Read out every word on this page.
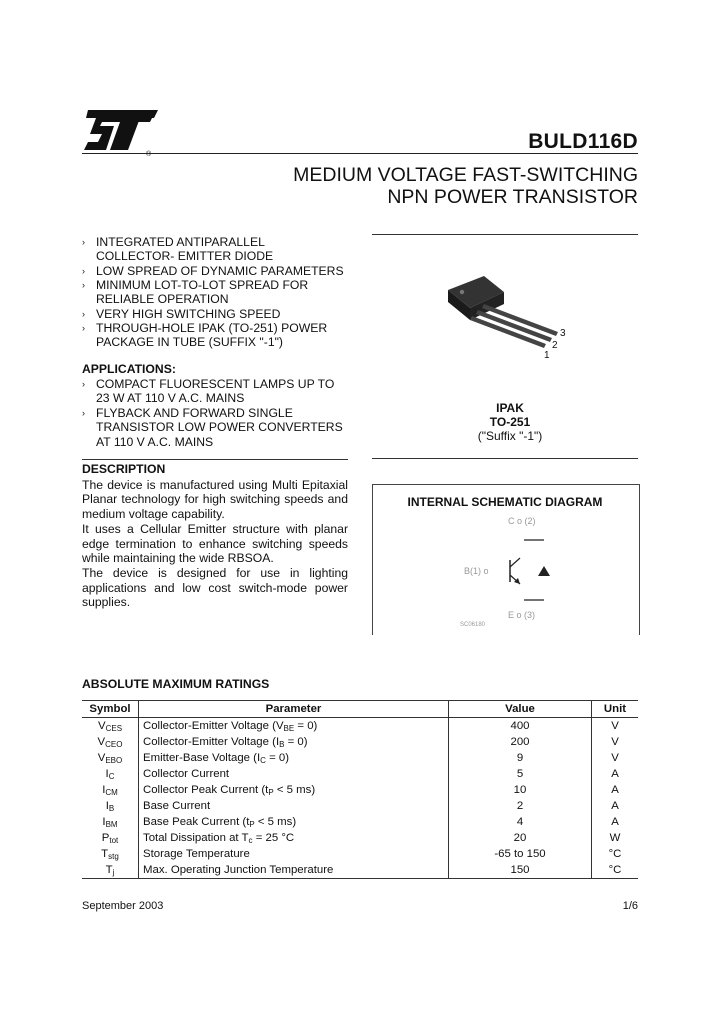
®
BULD116D
MEDIUM VOLTAGE FAST-SWITCHING
NPN POWER TRANSISTOR
› INTEGRATED ANTIPARALLEL
COLLECTOR- EMITTER DIODE
› LOW SPREAD OF DYNAMIC PARAMETERS
› MINIMUM LOT-TO-LOT SPREAD FOR
RELIABLE OPERATION
› VERY HIGH SWITCHING SPEED
› THROUGH-HOLE IPAK (TO-251) POWER
PACKAGE IN TUBE (SUFFIX "-1")
APPLICATIONS:
› COMPACT FLUORESCENT LAMPS UP TO
23 W AT 110 V A.C. MAINS
› FLYBACK AND FORWARD SINGLE
TRANSISTOR LOW POWER CONVERTERS
AT 110 V A.C. MAINS
DESCRIPTION

The device is manufactured using Multi Epitaxial Planar technology for high switching speeds and medium voltage capability.

It uses a Cellular Emitter structure with planar edge termination to enhance switching speeds while maintaining the wide RBSOA.

The device is designed for use in lighting applications and low cost switch-mode power supplies.

3
2
1
IPAK
TO-251
("Suffix "-1")
INTERNAL SCHEMATIC DIAGRAM
C o (2)
B(1) o
E o (3)
SC06180
ABSOLUTE MAXIMUM RATINGS
Symbol	Parameter	Value	Unit
$V_{CES}$	Collector-Emitter Voltage $(V_{BE} = 0)$	400	V
$V_{CEO}$	Collector-Emitter Voltage $(I_B = 0)$	200	V
$V_{EBO}$	Emitter-Base Voltage $(I_C = 0)$	9	V
$I_C$	Collector Current	5	A
$I_{CM}$	Collector Peak Current ($t_P < 5$ ms)	10	A
$I_B$	Base Current	2	A
$I_{BM}$	Base Peak Current ($t_P < 5$ ms)	4	A
$P_{tot}$	Total Dissipation at $T_c = 25$ °C	20	W
$T_{stg}$	Storage Temperature	-65 to 150	°C
$T_j$	Max. Operating Junction Temperature	150	°C
September 2003	1/6
